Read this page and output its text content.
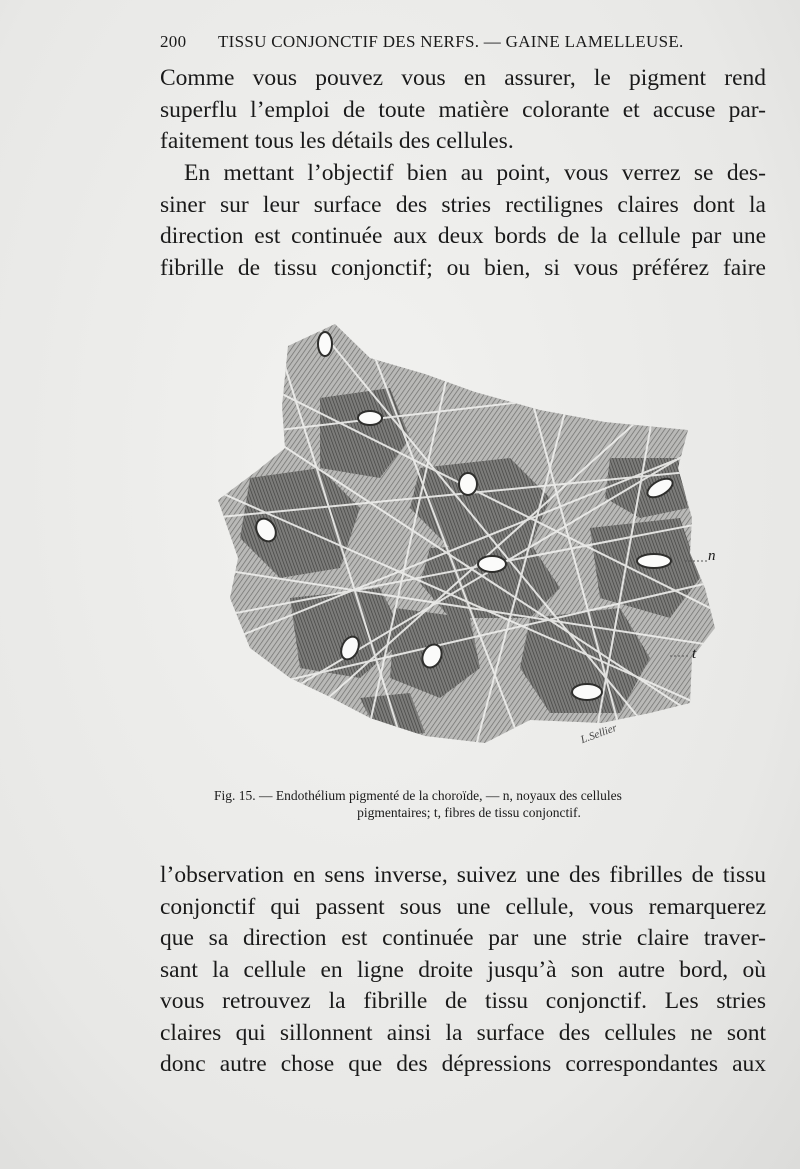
200 TISSU CONJONCTIF DES NERFS. — GAINE LAMELLEUSE.
Comme vous pouvez vous en assurer, le pigment rend
superflu l’emploi de toute matière colorante et accuse par-
faitement tous les détails des cellules.
En mettant l’objectif bien au point, vous verrez se des-
siner sur leur surface des stries rectilignes claires dont la
direction est continuée aux deux bords de la cellule par une
fibrille de tissu conjonctif; ou bien, si vous préférez faire
n
t
L.Sellier
Fig. 15. — Endothélium pigmenté de la choroïde, — n, noyaux des cellules
pigmentaires; t, fibres de tissu conjonctif.
l’observation en sens inverse, suivez une des fibrilles de tissu
conjonctif qui passent sous une cellule, vous remarquerez
que sa direction est continuée par une strie claire traver-
sant la cellule en ligne droite jusqu’à son autre bord, où
vous retrouvez la fibrille de tissu conjonctif. Les stries
claires qui sillonnent ainsi la surface des cellules ne sont
donc autre chose que des dépressions correspondantes aux
